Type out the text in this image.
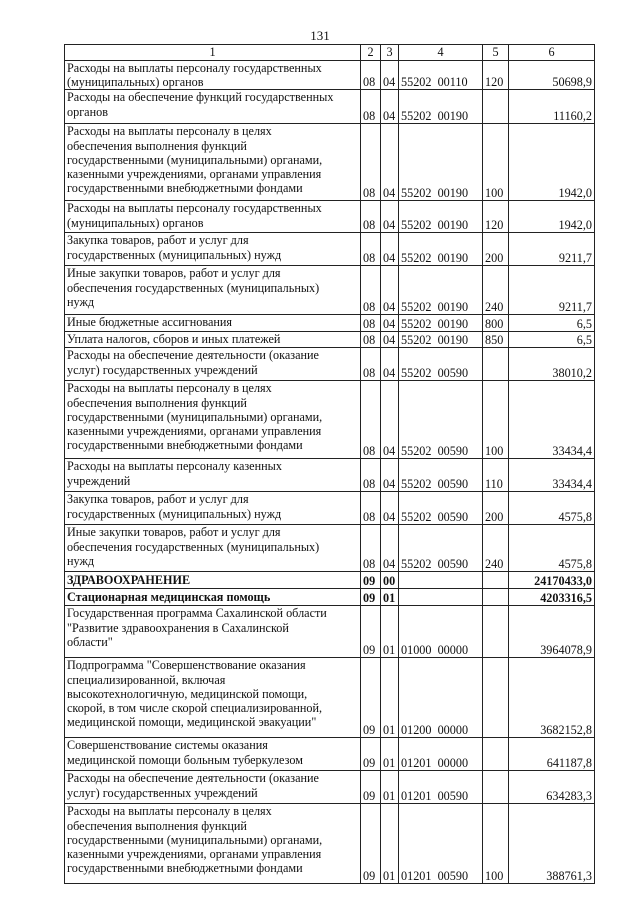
131
1	2	3	4	5	6
Расходы на выплаты персоналу государственных
(муниципальных) органов	08	04	55202  00110	120	50698,9
Расходы на обеспечение функций государственных
органов	08	04	55202  00190		11160,2
Расходы на выплаты персоналу в целях
обеспечения выполнения функций
государственными (муниципальными) органами,
казенными учреждениями, органами управления
государственными внебюджетными фондами	08	04	55202  00190	100	1942,0
Расходы на выплаты персоналу государственных
(муниципальных) органов	08	04	55202  00190	120	1942,0
Закупка товаров, работ и услуг для
государственных (муниципальных) нужд	08	04	55202  00190	200	9211,7
Иные закупки товаров, работ и услуг для
обеспечения государственных (муниципальных)
нужд	08	04	55202  00190	240	9211,7
Иные бюджетные ассигнования	08	04	55202  00190	800	6,5
Уплата налогов, сборов и иных платежей	08	04	55202  00190	850	6,5
Расходы на обеспечение деятельности (оказание
услуг) государственных учреждений	08	04	55202  00590		38010,2
Расходы на выплаты персоналу в целях
обеспечения выполнения функций
государственными (муниципальными) органами,
казенными учреждениями, органами управления
государственными внебюджетными фондами	08	04	55202  00590	100	33434,4
Расходы на выплаты персоналу казенных
учреждений	08	04	55202  00590	110	33434,4
Закупка товаров, работ и услуг для
государственных (муниципальных) нужд	08	04	55202  00590	200	4575,8
Иные закупки товаров, работ и услуг для
обеспечения государственных (муниципальных)
нужд	08	04	55202  00590	240	4575,8
ЗДРАВООХРАНЕНИЕ	09	00			24170433,0
Стационарная медицинская помощь	09	01			4203316,5
Государственная программа Сахалинской области
"Развитие здравоохранения в Сахалинской
области"	09	01	01000  00000		3964078,9
Подпрограмма "Совершенствование оказания
специализированной, включая
высокотехнологичную, медицинской помощи,
скорой, в том числе скорой специализированной,
медицинской помощи, медицинской эвакуации"	09	01	01200  00000		3682152,8
Совершенствование системы оказания
медицинской помощи больным туберкулезом	09	01	01201  00000		641187,8
Расходы на обеспечение деятельности (оказание
услуг) государственных учреждений	09	01	01201  00590		634283,3
Расходы на выплаты персоналу в целях
обеспечения выполнения функций
государственными (муниципальными) органами,
казенными учреждениями, органами управления
государственными внебюджетными фондами	09	01	01201  00590	100	388761,3
